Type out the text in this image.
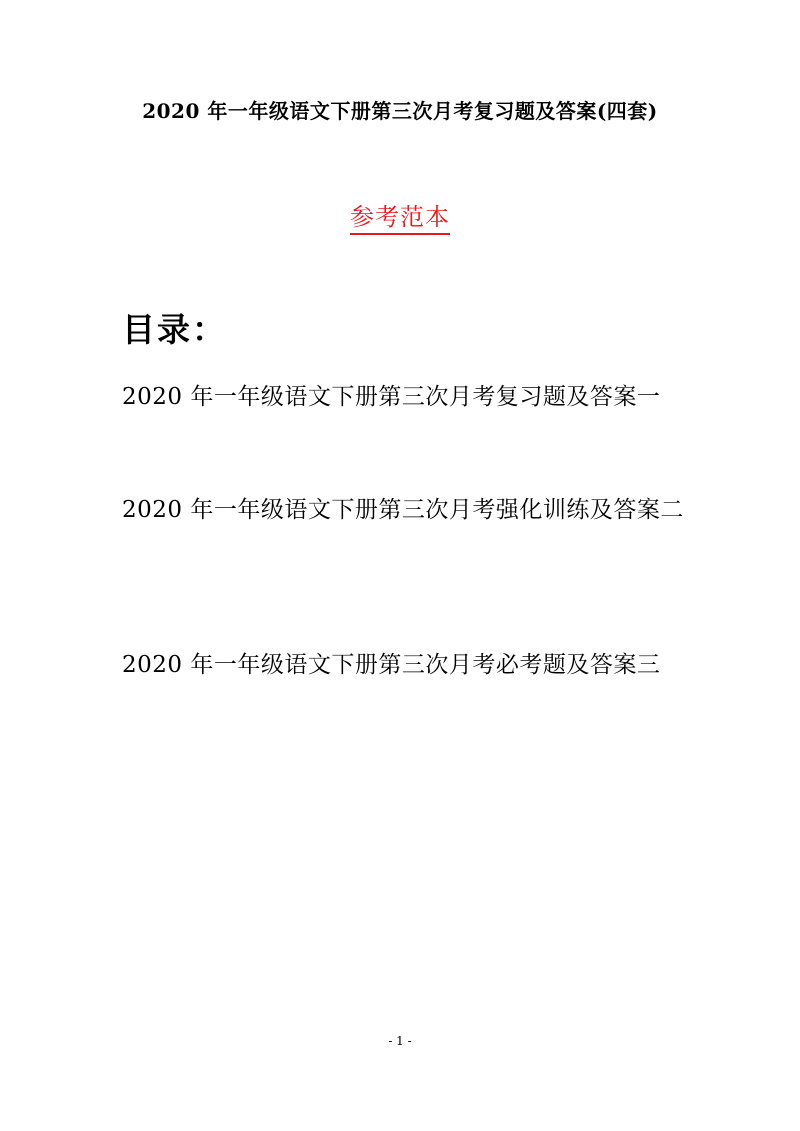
2020 年一年级语文下册第三次月考复习题及答案(四套)
参考范本
目录：
2020 年一年级语文下册第三次月考复习题及答案一
2020 年一年级语文下册第三次月考强化训练及答案二
2020 年一年级语文下册第三次月考必考题及答案三
- 1 -
